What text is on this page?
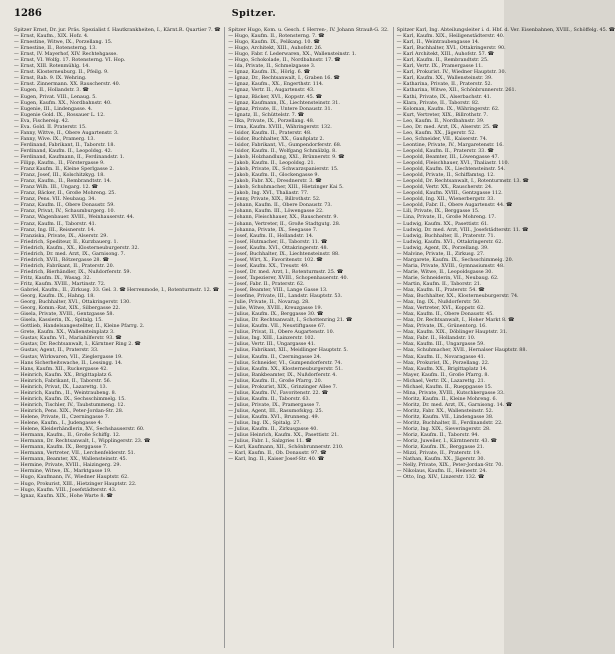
1286	Spitzer.
Spitzer Ernst, Dr. jur. Präs. Spezialist f. Hautkrankheiten, I., Kärnt.R. Quartier 7. ☎
— Ernst, Kaufm., XIX. Hofz. 4.
— Ernestine, Witwe, IX., Porzellang. 15.
— Ernestine, II., Rotensterng. 13.
— Ernst, IV. Mayerhof, XIV. Rechtehgasse.
— Ernst, VI. Wolfg. 17. Rotensterng. VI. Hop.
— Ernst, XIII. Rotenmühlg. 14.
— Ernst. Klosterneuburg. II., Pfeilg. 9.
— Ernst, Rab. 9. IX. Wehring.
— Ernst. Zinnermann. XX. Rauscherstr. 40.
— Eugen, II., Hollandstr. 3. ☎
— Eugen, Privat. VIII., Lenaug. 5.
— Eugen, Kaufm. XX., Nordbahnstr. 40.
— Eugenie, III., Lindengasse. 4.
— Eugenie Gold. IX., Rossauer L. 12.
— Eva, Fischereig. 42.
— Eva. Gold. II. Praterstr. 15.
— Fanny, Wittve, II., Obere Augartenstr. 3.
— Fanny, Wive. IX., Pramerg. 13.
— Ferdinand, Fabrikant, II., Taborstr. 18.
— Ferdinand, Kaufm. II., Leopoldsg. 42.
— Ferdinand, Kaufmann, II., Ferdinandstr. 1.
— Filipp, Kaufm., II., Förstergasse 9.
— Franz Kaufm. II., Kleine Sperlgasse 2.
— Franz, Josef, III., Kolschitzkyg. 18.
— Franz, Kaufm., II., Rembrandtstr. 14.
— Franz Wilh. III., Ungarg. 12. ☎
— Franz, Bäcker, II., Große Mohreng. 25.
— Franz, Pens. VII. Neubaug. 34.
— Franz, Kaufm. II., Obere Donaustr. 59.
— Franz, Privat, IV., Schaumburgerg. 10.
— Franz, Wagenbauer. XVIII., Weinhauserstr. 44.
— Franz, Kaufm. II., Taborstr. 41.
— Franz, Ing. III., Reisnerstr. 14.
— Franziska, Private, IX., Alserstr. 29.
— Friedrich, Spediteur, II., Kurzbauerg. 1.
— Friedrich, Kaufm., XX., Klosterneuburgerstr. 32.
— Friedrich, Dr. med. Arzt, IX., Garnisong. 7.
— Friedrich, XVII., Rötzergasse 28. ☎
— Friedrich, Fabrikant, II., Praterstr. 20.
— Friedrich, Bierhändler, IX., Nußdorferstr. 59.
— Fritz, Kaufm. IX., Wasag. 32.
— Fritz, Kaufm. XVIII., Martinstr. 72.
— Gabriel, Kaufm., II., Zirkusg. 33. Gel. 3. ☎ Herrenmode, I., Rotenturmstr. 12. ☎
— Georg, Kaufm. IX., Hahng. 18.
— Georg, Buchhalter, XVI., Ottakringerstr. 130.
— Georg, Komm.-Rat, XIX., Silbergasse 22.
— Gisela, Private, XVIII., Gentzgasse 58.
— Gisela, Kassierin, IX., Spitalg. 15.
— Gottlieb, Handelsangestellter, II., Kleine Pfarrg. 2.
— Grete, Kaufm. XX., Wallensteinplatz 3.
— Gustav, Kaufm. VI., Mariahilferstr. 93. ☎
— Gustav, Dr. Rechtsanwalt, I., Kärntner Ring 2. ☎
— Gustav, Agent, II., Praterstr. 33.
— Gustav, Wirkwaren, VII., Zieglergasse 19.
— Hans Sicherheitswache, II., Lessingg. 14.
— Hans, Kaufm. XII., Ruckergasse 42.
— Heinrich, Kaufm. XX., Brigittaplatz 6.
— Heinrich, Fabrikant, II., Taborstr. 56.
— Heinrich, Privat, IX., Lazarettg. 13.
— Heinrich, Kaufm., II., Weintraubeng. 8.
— Heinrich, Kaufm. IX., Sechsschimmelg. 15.
— Heinrich, Tischler, IV., Taubstummeng. 12.
— Heinrich, Pens. XIX., Peter-Jordan-Str. 28.
— Helene, Private, II., Czerningasse 7.
— Helene, Kaufm., I., Judengasse 4.
— Helene, Kleiderhändlerin, XV., Sechshauserstr. 60.
— Hermann, Kaufm., II., Große Schiffg. 12.
— Hermann, Dr. Rechtsanwalt, I., Wipplingerstr. 23. ☎
— Hermann, Kaufm. IX., Berggasse 7.
— Hermann, Vertreter, VII., Lerchenfelderstr. 51.
— Hermann, Beamter, XX., Wallensteinstr. 45.
— Hermine, Private, XVIII., Haizingerg. 29.
— Hermine, Witwe, IX., Marktgasse 19.
— Hugo, Kaufmann, IV., Wiedner Hauptstr. 62.
— Hugo, Prokurist, XIII., Hietzinger Hauptstr. 22.
— Hugo, Kaufm. VIII., Josefstädterstr. 43.
— Ignaz, Kaufm. XIX., Hohe Warte 8. ☎
Spitzer Hugo, Kom. u. Gesch. f. Herren-, IV. Johann Strauß-G. 32.
— Hugo, Kaufm. II., Rotensterng. 7. ☎
— Hugo, Kaufm. IX., Pelikang. 10. ☎
— Hugo, Architekt, XIII., Auhofstr. 26.
— Hugo, Fabr. f. Lederwaren, XX., Wallensteinstr. 1.
— Hugo, Schokolade, II., Nordbahnstr. 17. ☎
— Ida, Private, II., Schmelzgasse 3.
— Ignaz, Kaufm. IX., Hörlg. 6. ☎
— Ignaz, Dr., Rechtsanwalt, I., Graben 16. ☎
— Ignaz, Kaufm., XX., Engerthstr. 114.
— Ignaz, Vertr. II., Augartenstr. 43.
— Ignaz, Bäcker, XVI., Koppstr. 45. ☎
— Ignaz, Kaufmann, IX., Liechtensteinstr. 31.
— Ignaz, Private, II., Untere Donaustr. 31.
— Ignatz, II., Schüttelstr. 7. ☎
— Ilka, Private, IX., Porzellang. 48.
— Irma, Kaufm. XVIII., Währingerstr. 132.
— Isidor, Kaufm. II., Praterstr. 48.
— Isidor, Buchhalter, XX., Gaußplatz 2.
— Isidor, Fabrikant, VI., Gumpendorferstr. 68.
— Isidor, Kaufm. II., Wolfgang Schmälzlg. 8.
— Jakob, Holzhandlung, XXI., Brünnerstr. 9. ☎
— Jakob, Kaufm. II., Leopoldsg. 21.
— Jakob, Private, IX., Schwarzspanierstr. 15.
— Jakob, Kaufm. II., Glockengasse 9.
— Jakob, Fabr. XX., Dresdnerstr. 3. ☎
— Jakob, Schuhmacher, XIII., Hietzinger Kai 5.
— Jakob, Ing. XVI., Thaliastr. 77.
— Jenny, Private, XIX., Billrothstr. 52.
— Johann, Kaufm. II., Obere Donaustr. 73.
— Johann, Kaufm. III., Löwengasse 22.
— Johann, Fleischhauer, XX., Rauscherstr. 9.
— Johann, Vertreter, II., Große Stadtgutg. 28.
— Johanna, Private, IX., Seegasse 7.
— Josef, Kaufm. II., Hollandstr. 14.
— Josef, Hutmacher, II., Taborstr. 11. ☎
— Josef, Kaufm. XVI., Ottakringerstr. 48.
— Josef, Buchhalter, IX., Liechtensteinstr. 88.
— Josef, Wirt, X., Favoritenstr. 102. ☎
— Josef, Kaufm. XX., Treustr. 49.
— Josef, Dr. med. Arzt, I., Rotenturmstr. 25. ☎
— Josef, Tapezierer, XVIII., Schopenhauerstr. 40.
— Josef, Fabr. II., Praterstr. 62.
— Josef, Beamter, VIII., Lange Gasse 13.
— Josefine, Private, III., Landstr. Hauptstr. 53.
— Julie, Private, II., Novarag. 28.
— Julie, Witwe, XVIII., Kreuzgasse 19.
— Julius, Kaufm. IX., Berggasse 30. ☎
— Julius, Dr. Rechtsanwalt, I., Schottenring 21. ☎
— Julius, Kaufm. VII., Neustiftgasse 67.
— Julius, Privat, II., Obere Augartenstr. 10.
— Julius, Ing. XIII., Lainzerstr. 102.
— Julius, Vertr. III., Ungargasse 41.
— Julius, Fabrikant, XII., Meidlinger Hauptstr. 5.
— Julius, Kaufm. II., Czerningasse 24.
— Julius, Schneider, VI., Gumpendorferstr. 74.
— Julius, Kaufm. XX., Klosterneuburgerstr. 51.
— Julius, Bankbeamter, IX., Nußdorferstr. 4.
— Julius, Kaufm. II., Große Pfarrg. 20.
— Julius, Prokurist, XIX., Grinzinger Allee 7.
— Julius, Kaufm. IV., Favoritenstr. 22. ☎
— Julius, Kaufm. II., Taborstr. 63.
— Julius, Private, IX., Pramergasse 7.
— Julius, Agent, III., Rasumofskyg. 25.
— Julius, Kaufm. XVI., Brunneng. 49.
— Julius, Ing. IX., Spitalg. 27.
— Julius, Kaufm. II., Zirkusgasse 40.
— Julius Heinrich, Kaufm. XX., Pasettistr. 21.
— Julius, Fabr. I., Salzgries 11. ☎
— Karl, Kaufmann, XII., Schönbrunnerstr. 210.
— Karl, Kaufm. II., Ob. Donaustr. 97. ☎
— Karl, Ing. II., Kaiser Josef-Str. 40. ☎
Spitzer Karl, Ing. Abteilungsleiter i. d. Hbf. d. Ver. Eisenbahnen, XVIII., Schöffelg. 45. ☎
— Karl, Kaufm. XIX., Heiligenstädterstr. 40.
— Karl, II., Weintraubengasse 14.
— Karl, Buchhalter, XVI., Ottakringerstr. 90.
— Karl Architekt, XIII., Auhofstr. 57. ☎
— Karl, Kaufm. II., Rembrandtstr. 25.
— Karl, Vertr. IX., Pramergasse 11.
— Karl, Prokurist. IV., Wiedner Hauptstr. 30.
— Karl, Kaufm. XX., Wallensteinstr. 39.
— Katharina, Private, II., Praterstr. 52.
— Katharina, Witwe, XII., Schönbrunnerstr. 261.
— Kathi, Private, IX., Alserbachstr. 41.
— Klara, Private, II., Taborstr. 82.
— Koloman, Kaufm. IX., Währingerstr. 62.
— Kurt, Vertreter, XIX., Billrothstr. 7.
— Leo, Kaufm. II., Nordbahnstr. 39.
— Leo, Dr. med. Arzt, IX., Alserstr. 25. ☎
— Leo, Kaufm. XX., Jägerstr. 52.
— Leo, Schneider, VII., Kaiserstr. 74.
— Leontine, Private, IV., Margaretenstr. 16.
— Leopold, Kaufm. II., Praterstr. 33. ☎
— Leopold, Beamter, III., Löwengasse 47.
— Leopold, Fleischhauer, XVI., Thaliastr. 110.
— Leopold, Kaufm. IX., Liechtensteinstr. 54.
— Leopold, Private, II., Schiffamtsg. 12.
— Leopold, Dr. Rechtsanwalt, I., Rotenturmstr. 13. ☎
— Leopold, Vertr. XX., Rauscherstr. 24.
— Leopold, Kaufm. XVIII., Gentzgasse 112.
— Leopold, Ing. XII., Wienerbergstr. 33.
— Leopold, Fabr. II., Obere Augartenstr. 44. ☎
— Lili, Private, IX., Berggasse 15.
— Lina, Private, II., Große Mohreng. 17.
— Ludwig, Kaufm. XX., Pasettistr. 61.
— Ludwig, Dr. med. Arzt, VIII., Josefstädterstr. 11. ☎
— Ludwig, Buchhalter, II., Praterstr. 71.
— Ludwig, Kaufm. XVI., Ottakringerstr. 62.
— Ludwig, Agent, IX., Porzellang. 39.
— Malvine, Private, II., Zirkusg. 27.
— Margarete, Kaufm. IX., Sechsschimmelg. 20.
— Maria, Private, XVIII., Gymnasiumstr. 48.
— Marie, Witwe, II., Leopoldsgasse 30.
— Marie, Schneiderin, VII., Neubaug. 62.
— Martin, Kaufm. II., Taborstr. 21.
— Max, Kaufm. II., Praterstr. 54. ☎
— Max, Buchhalter, XX., Klosterneuburgerstr. 74.
— Max, Ing. IX., Nußdorferstr. 50.
— Max, Vertreter, XVI., Koppstr. 62.
— Max, Kaufm. II., Obere Donaustr. 45.
— Max, Dr. Rechtsanwalt, I., Hoher Markt 8. ☎
— Max, Private, IX., Grünentorg. 16.
— Max, Kaufm. XIX., Döblinger Hauptstr. 31.
— Max, Fabr. II., Hollandstr. 10.
— Max, Kaufm. III., Ungargasse 59.
— Max, Schuhmacher, XVII., Hernalser Hauptstr. 88.
— Max, Kaufm. II., Novaragasse 41.
— Max, Prokurist, IX., Porzellang. 22.
— Max, Kaufm. XX., Brigittaplatz 14.
— Mayer, Kaufm. II., Große Pfarrg. 8.
— Michael, Vertr. IX., Lazarettg. 21.
— Michael, Kaufm. II., Rueppgasse 15.
— Mina, Private, XVIII., Kutschkergasse 33.
— Moritz, Kaufm. II., Kleine Mohreng. 6.
— Moritz, Dr. med. Arzt, IX., Garnisong. 14. ☎
— Moritz, Fabr. XX., Wallensteinstr. 52.
— Moritz, Kaufm. VII., Lindengasse 38.
— Moritz, Buchhalter, II., Ferdinandstr. 22.
— Moriz, Ing. XIX., Sieveringerstr. 28.
— Moriz, Kaufm. II., Taborstr. 94.
— Moriz, Juwelier, I., Kärntnerstr. 43. ☎
— Moriz, Kaufm. IX., Berggasse 21.
— Mizzi, Private, II., Praterstr. 19.
— Nathan, Kaufm. XX., Jägerstr. 30.
— Nelly, Private, XIX., Peter-Jordan-Str. 70.
— Nikolaus, Kaufm. II., Heinestr. 24.
— Otto, Ing. XIV., Linzerstr. 132. ☎
